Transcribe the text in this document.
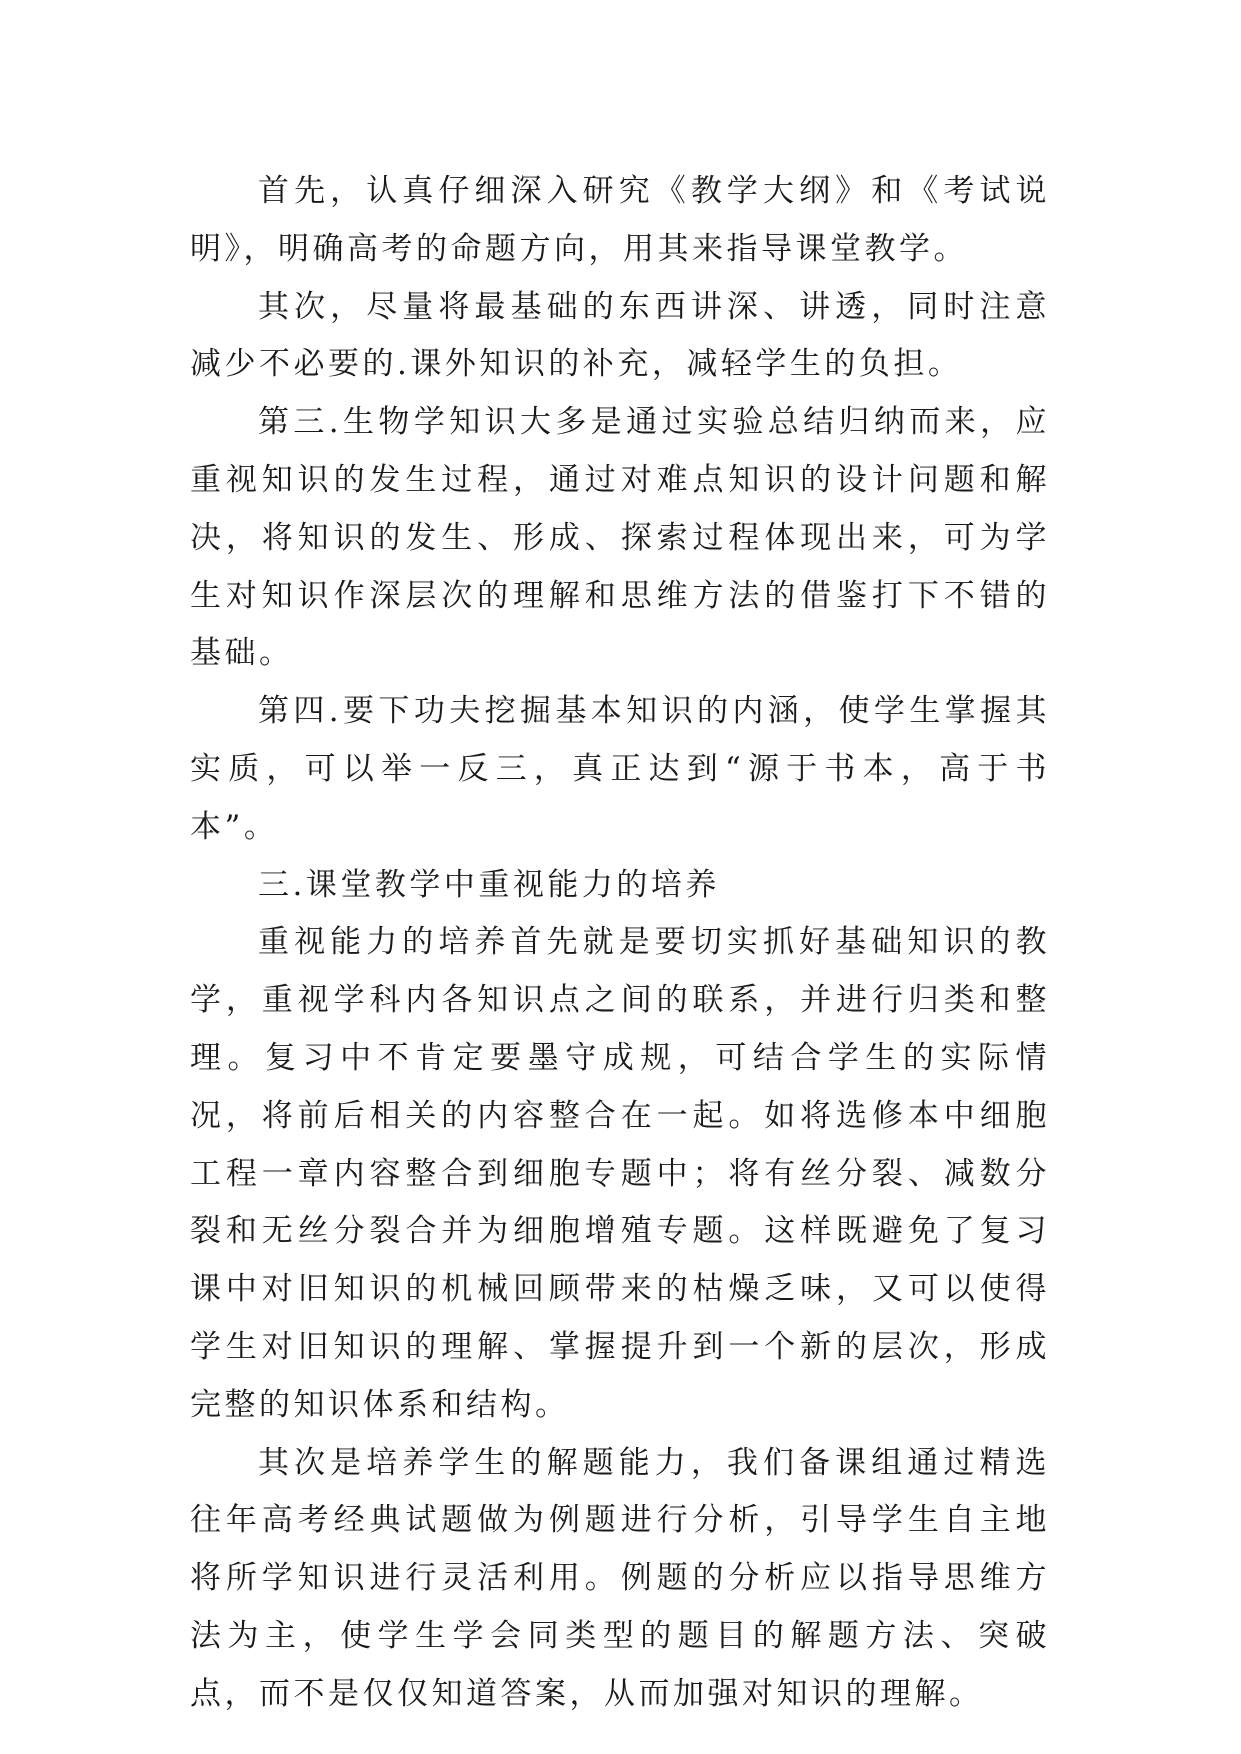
首先，认真仔细深入研究《教学大纲》和《考试说明》，明确高考的命题方向，用其来指导课堂教学。

其次，尽量将最基础的东西讲深、讲透，同时注意减少不必要的.课外知识的补充，减轻学生的负担。

第三.生物学知识大多是通过实验总结归纳而来，应重视知识的发生过程，通过对难点知识的设计问题和解决，将知识的发生、形成、探索过程体现出来，可为学生对知识作深层次的理解和思维方法的借鉴打下不错的基础。

第四.要下功夫挖掘基本知识的内涵，使学生掌握其实质，可以举一反三，真正达到“源于书本，高于书本”。

三.课堂教学中重视能力的培养

重视能力的培养首先就是要切实抓好基础知识的教学，重视学科内各知识点之间的联系，并进行归类和整理。复习中不肯定要墨守成规，可结合学生的实际情况，将前后相关的内容整合在一起。如将选修本中细胞工程一章内容整合到细胞专题中；将有丝分裂、减数分裂和无丝分裂合并为细胞增殖专题。这样既避免了复习课中对旧知识的机械回顾带来的枯燥乏味，又可以使得学生对旧知识的理解、掌握提升到一个新的层次，形成完整的知识体系和结构。

其次是培养学生的解题能力，我们备课组通过精选往年高考经典试题做为例题进行分析，引导学生自主地将所学知识进行灵活利用。例题的分析应以指导思维方法为主，使学生学会同类型的题目的解题方法、突破点，而不是仅仅知道答案，从而加强对知识的理解。
